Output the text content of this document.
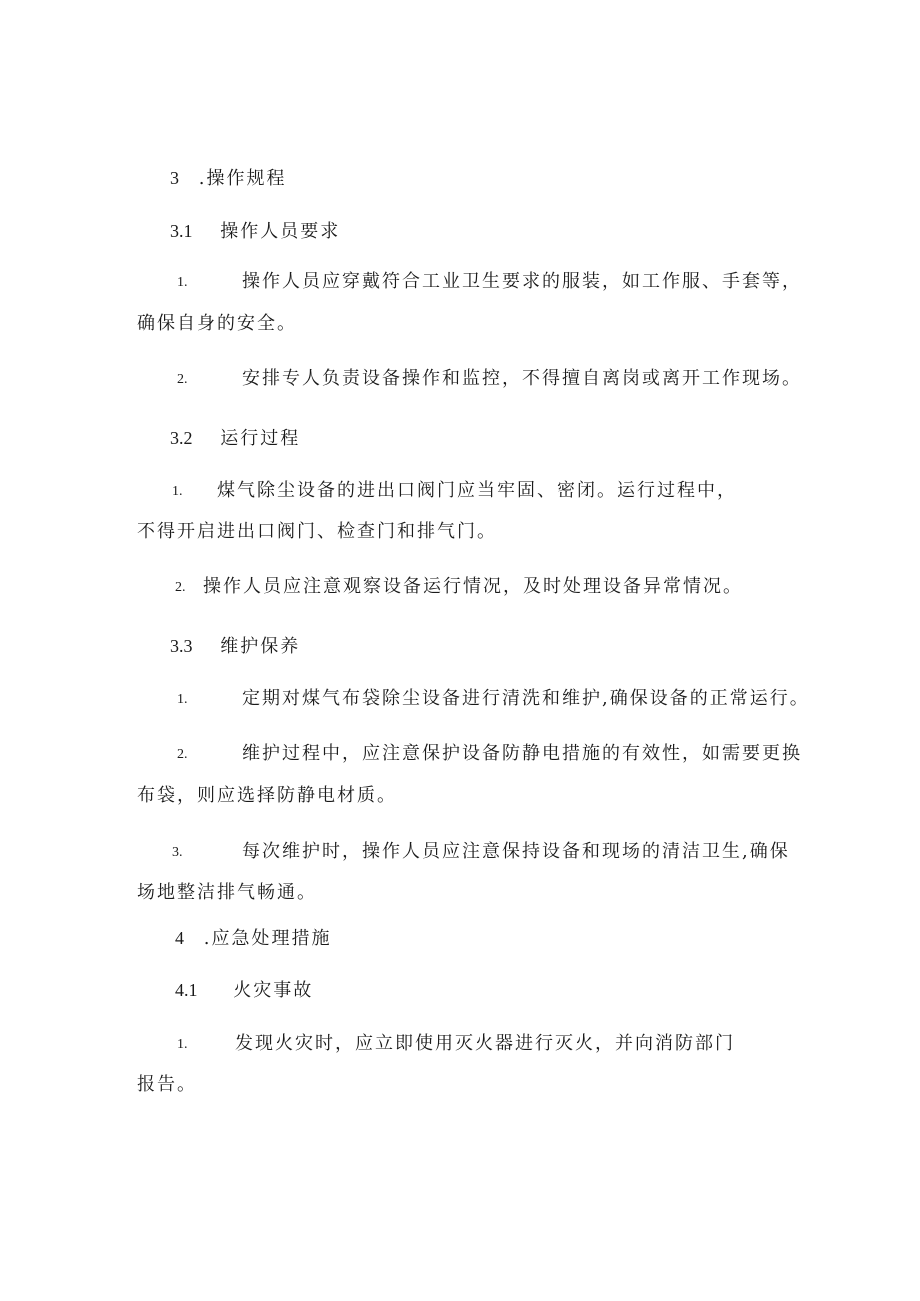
3 .操作规程
3.1 操作人员要求
1.	操作人员应穿戴符合工业卫生要求的服装，如工作服、手套等，
确保自身的安全。
2.	安排专人负责设备操作和监控，不得擅自离岗或离开工作现场。
3.2 运行过程
1. 煤气除尘设备的进出口阀门应当牢固、密闭。运行过程中，
不得开启进出口阀门、检查门和排气门。
2. 操作人员应注意观察设备运行情况，及时处理设备异常情况。
3.3 维护保养
1.	定期对煤气布袋除尘设备进行清洗和维护,确保设备的正常运行。
2.	维护过程中，应注意保护设备防静电措施的有效性，如需要更换
布袋，则应选择防静电材质。
3.	每次维护时，操作人员应注意保持设备和现场的清洁卫生,确保
场地整洁排气畅通。
4 .应急处理措施
4.1 火灾事故
1.	发现火灾时，应立即使用灭火器进行灭火，并向消防部门
报告。
